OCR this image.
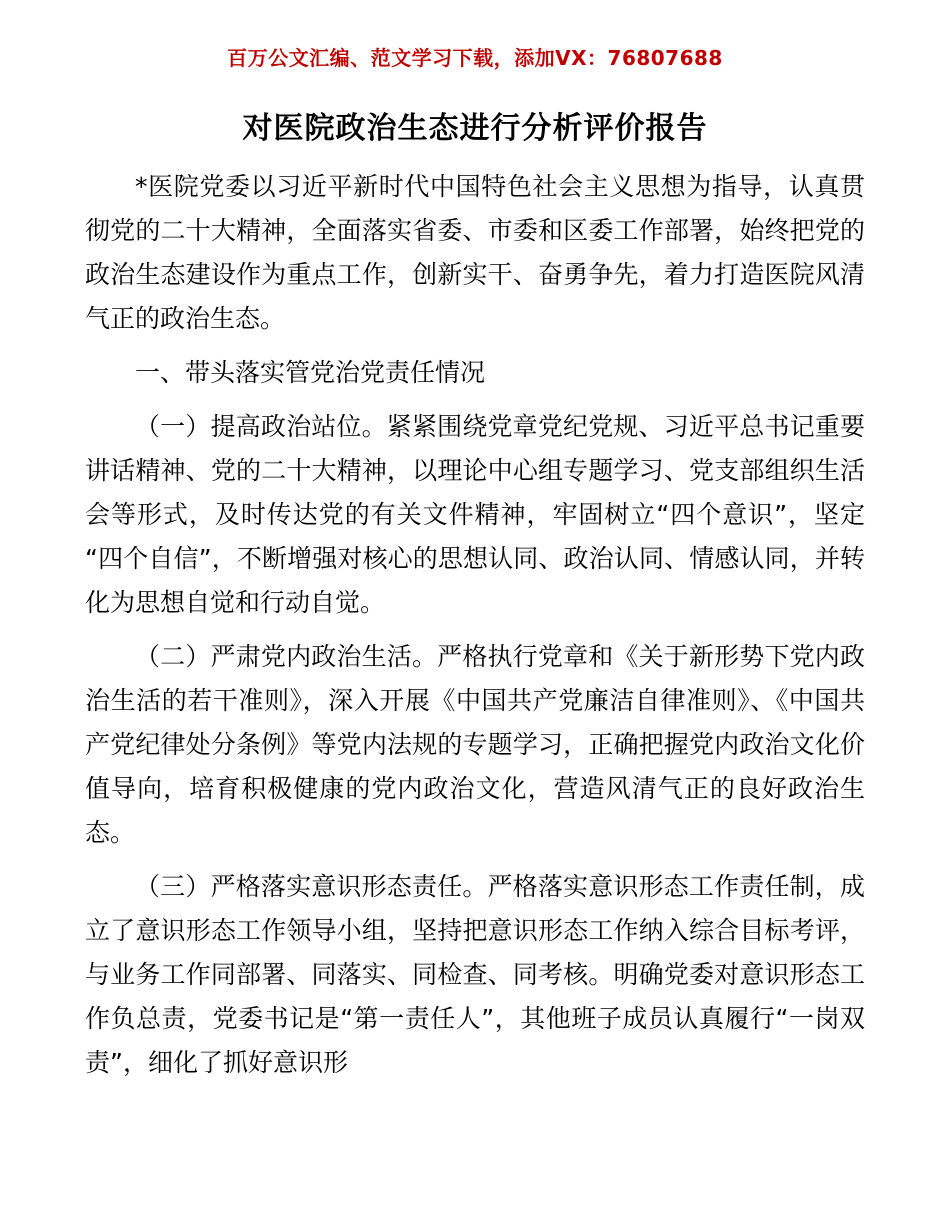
百万公文汇编、范文学习下载，添加VX：76807688
对医院政治生态进行分析评价报告

*医院党委以习近平新时代中国特色社会主义思想为指导，认真贯彻党的二十大精神，全面落实省委、市委和区委工作部署，始终把党的政治生态建设作为重点工作，创新实干、奋勇争先，着力打造医院风清气正的政治生态。

一、带头落实管党治党责任情况

（一）提高政治站位。紧紧围绕党章党纪党规、习近平总书记重要讲话精神、党的二十大精神，以理论中心组专题学习、党支部组织生活会等形式，及时传达党的有关文件精神，牢固树立“四个意识”，坚定“四个自信”，不断增强对核心的思想认同、政治认同、情感认同，并转化为思想自觉和行动自觉。

（二）严肃党内政治生活。严格执行党章和《关于新形势下党内政治生活的若干准则》，深入开展《中国共产党廉洁自律准则》、《中国共产党纪律处分条例》等党内法规的专题学习，正确把握党内政治文化价值导向，培育积极健康的党内政治文化，营造风清气正的良好政治生态。

（三）严格落实意识形态责任。严格落实意识形态工作责任制，成立了意识形态工作领导小组，坚持把意识形态工作纳入综合目标考评，与业务工作同部署、同落实、同检查、同考核。明确党委对意识形态工作负总责，党委书记是“第一责任人”，其他班子成员认真履行“一岗双责”，细化了抓好意识形
